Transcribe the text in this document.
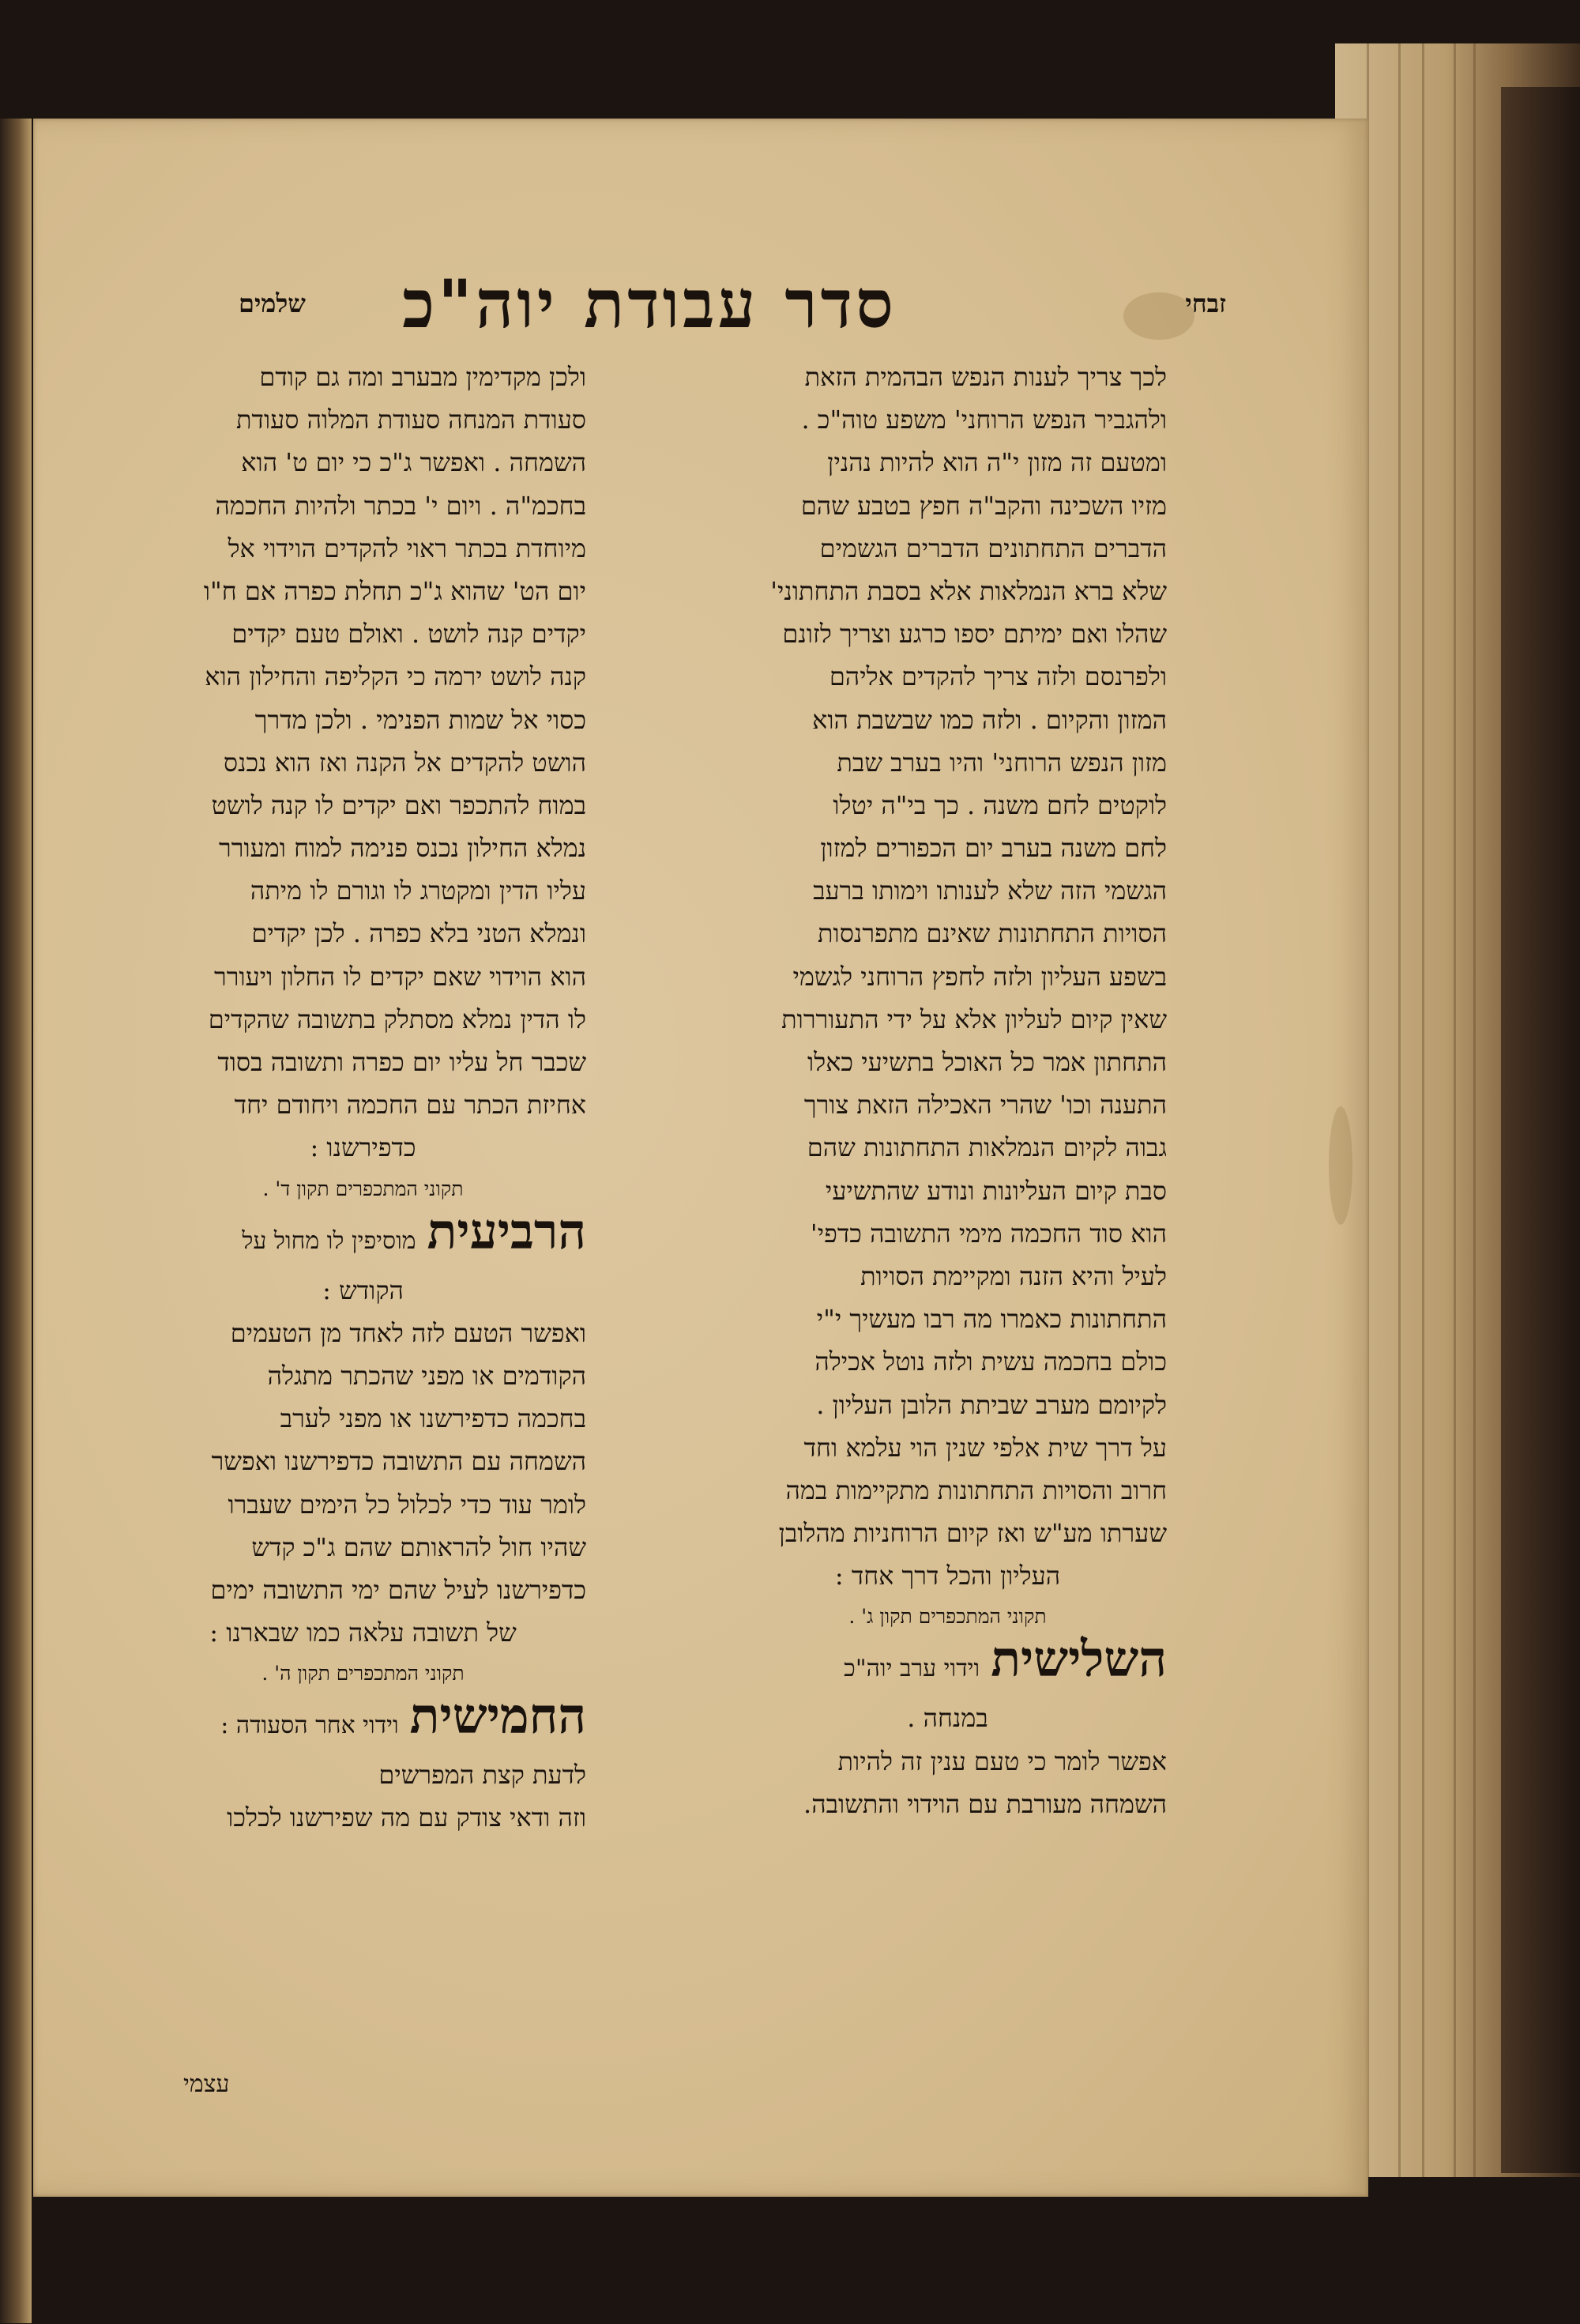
זבחי
סדר עבודת יוה"כ
שלמים
לכך צריך לענות הנפש הבהמית הזאת
ולהגביר הנפש הרוחני' משפע טוה"כ .
ומטעם זה מזון י"ה הוא להיות נהנין
מזיו השכינה והקב"ה חפץ בטבע שהם
הדברים התחתונים הדברים הגשמים
שלא ברא הנמלאות אלא בסבת התחתוני'
שהלו ואם ימיתם יספו כרגע וצריך לזונם
ולפרנסם ולזה צריך להקדים אליהם
המזון והקיום . ולזה כמו שבשבת הוא
מזון הנפש הרוחני' והיו בערב שבת
לוקטים לחם משנה . כך בי"ה יטלו
לחם משנה בערב יום הכפורים למזון
הגשמי הזה שלא לענותו וימותו ברעב
הסויות התחתונות שאינם מתפרנסות
בשפע העליון ולזה לחפץ הרוחני לגשמי
שאין קיום לעליון אלא על ידי התעוררות
התחתון אמר כל האוכל בתשיעי כאלו
התענה וכו' שהרי האכילה הזאת צורך
גבוה לקיום הנמלאות התחתונות שהם
סבת קיום העליונות ונודע שהתשיעי
הוא סוד החכמה מימי התשובה כדפי'
לעיל והיא הזנה ומקיימת הסויות
התחתונות כאמרו מה רבו מעשיך י"י
כולם בחכמה עשית ולזה נוטל אכילה
לקיומם מערב שביתת הלובן העליון .
על דרך שית אלפי שנין הוי עלמא וחד
חרוב והסויות התחתונות מתקיימות במה
שערתו מע"ש ואז קיום הרוחניות מהלובן
העליון והכל דרך אחד :
תקוני המתכפרים תקון ג' .
השלישית
וידוי ערב יוה"כ
במנחה .
אפשר לומר כי טעם ענין זה להיות
השמחה מעורבת עם הוידוי והתשובה.
ולכן מקדימין מבערב ומה גם קודם
סעודת המנחה סעודת המלוה סעודת
השמחה . ואפשר ג"כ כי יום ט' הוא
בחכמ"ה . ויום י' בכתר ולהיות החכמה
מיוחדת בכתר ראוי להקדים הוידוי אל
יום הט' שהוא ג"כ תחלת כפרה אם ח"ו
יקדים קנה לושט . ואולם טעם יקדים
קנה לושט ירמה כי הקליפה והחילון הוא
כסוי אל שמות הפנימי . ולכן מדרך
הושט להקדים אל הקנה ואז הוא נכנס
במוח להתכפר ואם יקדים לו קנה לושט
נמלא החילון נכנס פנימה למוח ומעורר
עליו הדין ומקטרג לו וגורם לו מיתה
ונמלא הטני בלא כפרה . לכן יקדים
הוא הוידוי שאם יקדים לו החלון ויעורר
לו הדין נמלא מסתלק בתשובה שהקדים
שכבר חל עליו יום כפרה ותשובה בסוד
אחיזת הכתר עם החכמה ויחודם יחד
כדפירשנו :
תקוני המתכפרים תקון ד' .
הרביעית
מוסיפין לו מחול על
הקודש :
ואפשר הטעם לזה לאחד מן הטעמים
הקודמים או מפני שהכתר מתגלה
בחכמה כדפירשנו או מפני לערב
השמחה עם התשובה כדפירשנו ואפשר
לומר עוד כדי לכלול כל הימים שעברו
שהיו חול להראותם שהם ג"כ קדש
כדפירשנו לעיל שהם ימי התשובה ימים
של תשובה עלאה כמו שבארנו :
תקוני המתכפרים תקון ה' .
החמישית
וידוי אחר הסעודה :
לדעת קצת המפרשים
וזה ודאי צודק עם מה שפירשנו לכלכו
עצמי
